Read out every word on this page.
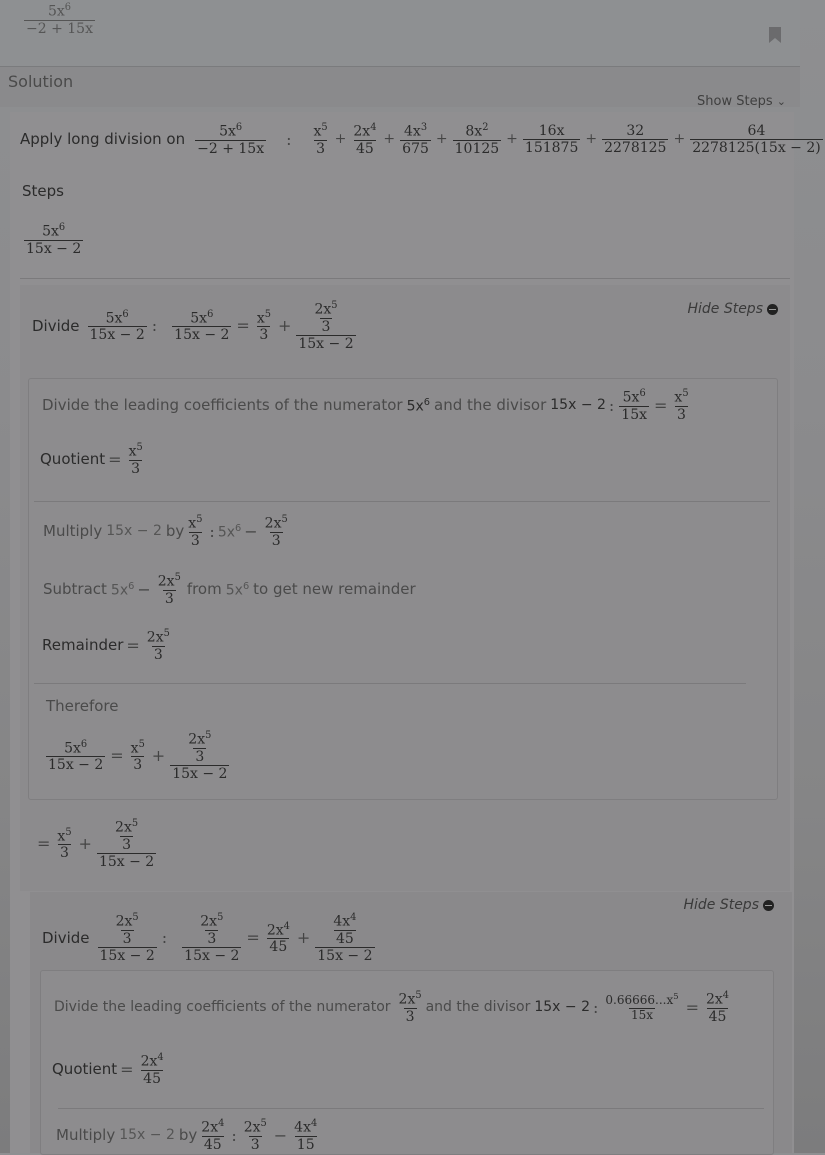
$\frac{5x^6}{-2 + 15x}$
Solution
Show Steps ⌄
Apply long division on $\frac{5x^6}{-2 + 15x}$ : $\frac{x^5}{3} + \frac{2x^4}{45} + \frac{4x^3}{675} + \frac{8x^2}{10125} + \frac{16x}{151875} + \frac{32}{2278125} + \frac{64}{2278125(15x - 2)}$
Steps
$\frac{5x^6}{15x - 2}$
Hide Steps
Divide $\frac{5x^6}{15x - 2}$ : $\frac{5x^6}{15x - 2} = \frac{x^5}{3} + \frac{\frac{2x^5}{3}}{15x - 2}$
Divide the leading coefficients of the numerator $5x^6$ and the divisor 15x − 2 : $\frac{5x^6}{15x} = \frac{x^5}{3}$
Quotient = $\frac{x^5}{3}$
Multiply 15x − 2 by $\frac{x^5}{3}$ : $5x^6 - \frac{2x^5}{3}$
Subtract $5x^6 - \frac{2x^5}{3}$ from $5x^6$ to get new remainder
Remainder = $\frac{2x^5}{3}$
Therefore
$\frac{5x^6}{15x - 2} = \frac{x^5}{3} + \frac{\frac{2x^5}{3}}{15x - 2}$
= $\frac{x^5}{3} + \frac{\frac{2x^5}{3}}{15x - 2}$
Hide Steps
Divide $\frac{\frac{2x^5}{3}}{15x - 2}$ : $\frac{\frac{2x^5}{3}}{15x - 2} = \frac{2x^4}{45} + \frac{\frac{4x^4}{45}}{15x - 2}$
Divide the leading coefficients of the numerator $\frac{2x^5}{3}$ and the divisor 15x − 2 : $\frac{0.66666...x^5}{15x} = \frac{2x^4}{45}$
Quotient = $\frac{2x^4}{45}$
Multiply 15x − 2 by $\frac{2x^4}{45}$ : $\frac{2x^5}{3} - \frac{4x^4}{15}$
